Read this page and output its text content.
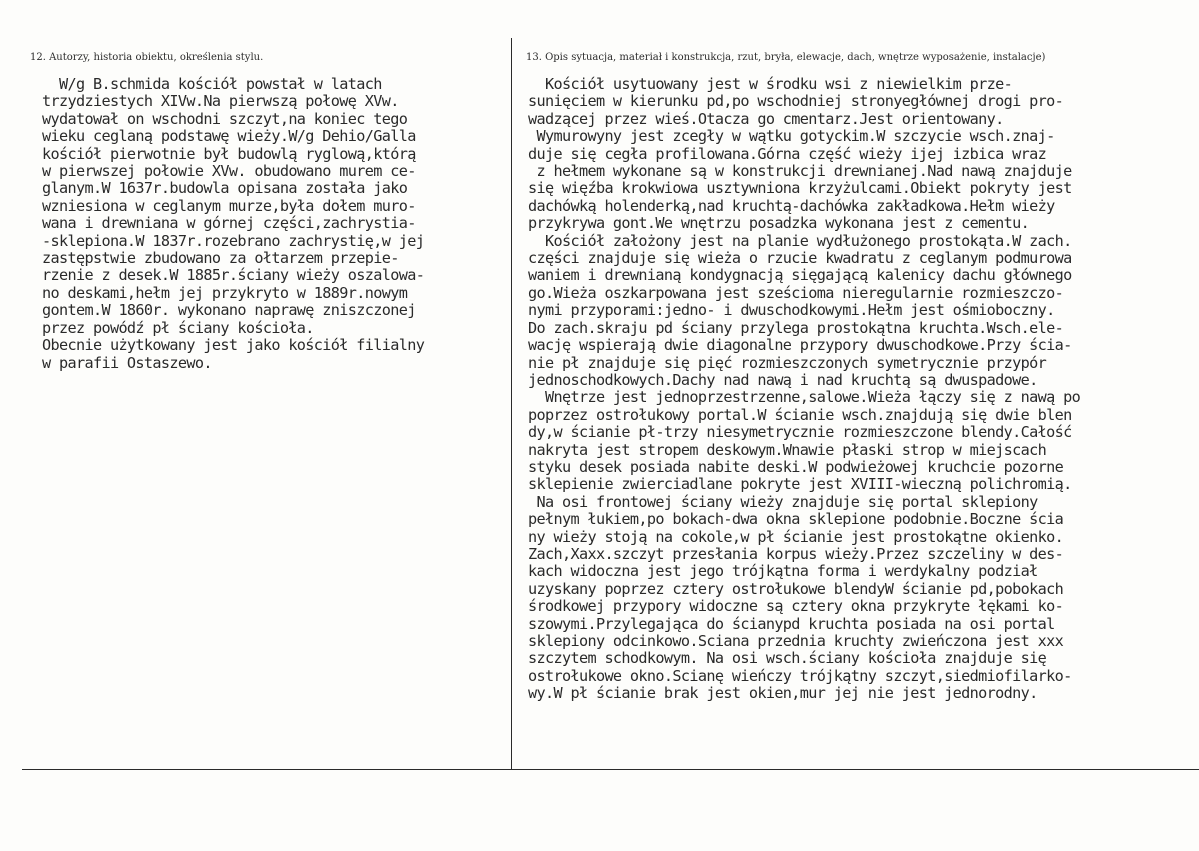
12. Autorzy, historia obiektu, określenia stylu.	13. Opis sytuacja, materiał i konstrukcja, rzut, bryła, elewacje, dach, wnętrze wyposażenie, instalacje)
W/g B.schmida kościół powstał w latach
trzydziestych XIVw.Na pierwszą połowę XVw.
wydatował on wschodni szczyt,na koniec tego
wieku ceglaną podstawę wieży.W/g Dehio/Galla
kościół pierwotnie był budowlą ryglową,którą
w pierwszej połowie XVw. obudowano murem ce-
glanym.W 1637r.budowla opisana została jako
wzniesiona w ceglanym murze,była dołem muro-
wana i drewniana w górnej części,zachrystia-
-sklepiona.W 1837r.rozebrano zachrystię,w jej
zastępstwie zbudowano za ołtarzem przepie-
rzenie z desek.W 1885r.ściany wieży oszalowa-
no deskami,hełm jej przykryto w 1889r.nowym
gontem.W 1860r. wykonano naprawę zniszczonej
przez powódź pł ściany kościoła.
Obecnie użytkowany jest jako kościół filialny
w parafii Ostaszewo.
Kościół usytuowany jest w środku wsi z niewielkim prze-
sunięciem w kierunku pd,po wschodniej stronyegłównej drogi pro-
wadzącej przez wieś.Otacza go cmentarz.Jest orientowany.
Wymurowyny jest zcegły w wątku gotyckim.W szczycie wsch.znaj-
duje się cegła profilowana.Górna część wieży ijej izbica wraz
z hełmem wykonane są w konstrukcji drewnianej.Nad nawą znajduje
się więźba krokwiowa usztywniona krzyżulcami.Obiekt pokryty jest
dachówką holenderką,nad kruchtą-dachówka zakładkowa.Hełm wieży
przykrywa gont.We wnętrzu posadzka wykonana jest z cementu.
Kościół założony jest na planie wydłużonego prostokąta.W zach.
części znajduje się wieża o rzucie kwadratu z ceglanym podmurowa
waniem i drewnianą kondygnacją sięgającą kalenicy dachu głównego
go.Wieża oszkarpowana jest sześcioma nieregularnie rozmieszczo-
nymi przyporami:jedno- i dwuschodkowymi.Hełm jest ośmioboczny.
Do zach.skraju pd ściany przylega prostokątna kruchta.Wsch.ele-
wację wspierają dwie diagonalne przypory dwuschodkowe.Przy ścia-
nie pł znajduje się pięć rozmieszczonych symetrycznie przypór
jednoschodkowych.Dachy nad nawą i nad kruchtą są dwuspadowe.
Wnętrze jest jednoprzestrzenne,salowe.Wieża łączy się z nawą po
poprzez ostrołukowy portal.W ścianie wsch.znajdują się dwie blen
dy,w ścianie pł-trzy niesymetrycznie rozmieszczone blendy.Całość
nakryta jest stropem deskowym.Wnawie płaski strop w miejscach
styku desek posiada nabite deski.W podwieżowej kruchcie pozorne
sklepienie zwierciadlane pokryte jest XVIII-wieczną polichromią.
Na osi frontowej ściany wieży znajduje się portal sklepiony
pełnym łukiem,po bokach-dwa okna sklepione podobnie.Boczne ścia
ny wieży stoją na cokole,w pł ścianie jest prostokątne okienko.
Zach,Xaxx.szczyt przesłania korpus wieży.Przez szczeliny w des-
kach widoczna jest jego trójkątna forma i werdykalny podział
uzyskany poprzez cztery ostrołukowe blendyW ścianie pd,pobokach
środkowej przypory widoczne są cztery okna przykryte łękami ko-
szowymi.Przylegająca do ścianypd kruchta posiada na osi portal
sklepiony odcinkowo.Sciana przednia kruchty zwieńczona jest xxx
szczytem schodkowym. Na osi wsch.ściany kościoła znajduje się
ostrołukowe okno.Scianę wieńczy trójkątny szczyt,siedmiofilarko-
wy.W pł ścianie brak jest okien,mur jej nie jest jednorodny.
